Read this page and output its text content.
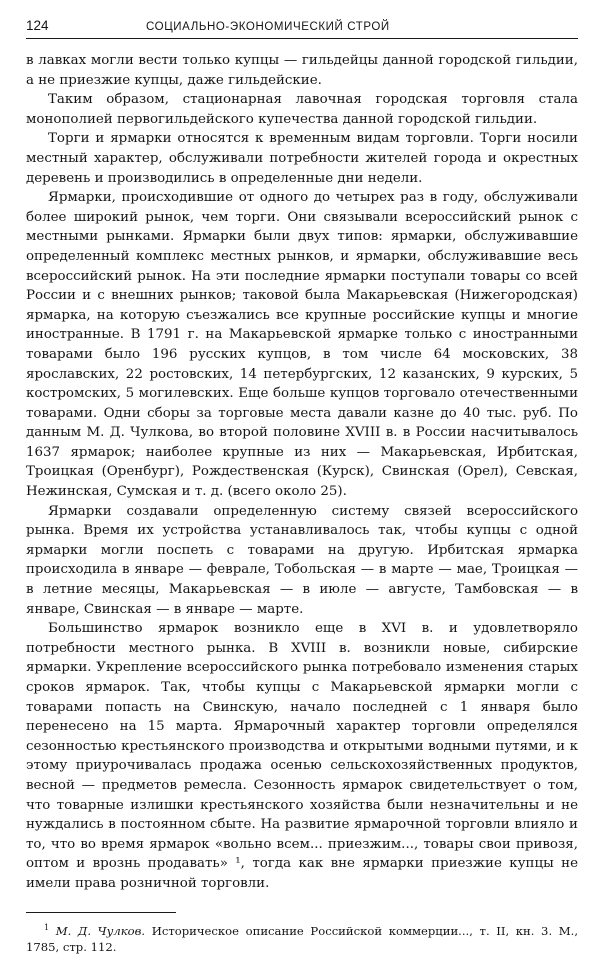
124	СОЦИАЛЬНО-ЭКОНОМИЧЕСКИЙ СТРОЙ

в лавках могли вести только купцы — гильдейцы данной городской гильдии, а не приезжие купцы, даже гильдейские.

Таким образом, стационарная лавочная городская торговля стала монополией первогильдейского купечества данной городской гильдии.

Торги и ярмарки относятся к временным видам торговли. Торги носили местный характер, обслуживали потребности жителей города и окрестных деревень и производились в определенные дни недели.

Ярмарки, происходившие от одного до четырех раз в году, обслуживали более широкий рынок, чем торги. Они связывали всероссийский рынок с местными рынками. Ярмарки были двух типов: ярмарки, обслуживавшие определенный комплекс местных рынков, и ярмарки, обслуживавшие весь всероссийский рынок. На эти последние ярмарки поступали товары со всей России и с внешних рынков; таковой была Макарьевская (Нижегородская) ярмарка, на которую съезжались все крупные российские купцы и многие иностранные. В 1791 г. на Макарьевской ярмарке только с иностранными товарами было 196 русских купцов, в том числе 64 московских, 38 ярославских, 22 ростовских, 14 петербургских, 12 казанских, 9 курских, 5 костромских, 5 могилевских. Еще больше купцов торговало отечественными товарами. Одни сборы за торговые места давали казне до 40 тыс. руб. По данным М. Д. Чулкова, во второй половине XVIII в. в России насчитывалось 1637 ярмарок; наиболее крупные из них — Макарьевская, Ирбитская, Троицкая (Оренбург), Рождественская (Курск), Свинская (Орел), Севская, Нежинская, Сумская и т. д. (всего около 25).

Ярмарки создавали определенную систему связей всероссийского рынка. Время их устройства устанавливалось так, чтобы купцы с одной ярмарки могли поспеть с товарами на другую. Ирбитская ярмарка происходила в январе — феврале, Тобольская — в марте — мае, Троицкая — в летние месяцы, Макарьевская — в июле — августе, Тамбовская — в январе, Свинская — в январе — марте.

Большинство ярмарок возникло еще в XVI в. и удовлетворяло потребности местного рынка. В XVIII в. возникли новые, сибирские ярмарки. Укрепление всероссийского рынка потребовало изменения старых сроков ярмарок. Так, чтобы купцы с Макарьевской ярмарки могли с товарами попасть на Свинскую, начало последней с 1 января было перенесено на 15 марта. Ярмарочный характер торговли определялся сезонностью крестьянского производства и открытыми водными путями, и к этому приурочивалась продажа осенью сельскохозяйственных продуктов, весной — предметов ремесла. Сезонность ярмарок свидетельствует о том, что товарные излишки крестьянского хозяйства были незначительны и не нуждались в постоянном сбыте. На развитие ярмарочной торговли влияло и то, что во время ярмарок «вольно всем... приезжим..., товары свои привозя, оптом и врознь продавать» ¹, тогда как вне ярмарки приезжие купцы не имели права розничной торговли.

$^1$ М. Д. Чулков. Историческое описание Российской коммерции..., т. II, кн. 3. М., 1785, стр. 112.
